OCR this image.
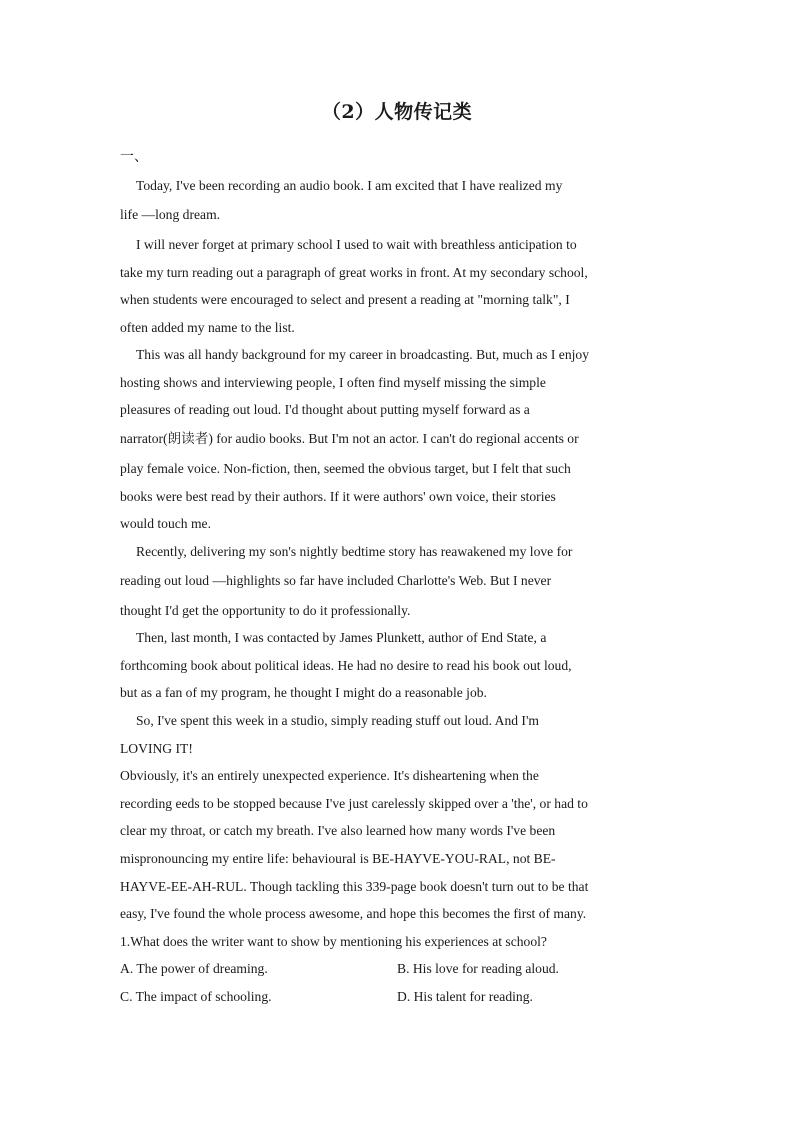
（2）人物传记类
一、
Today, I've been recording an audio book. I am excited that I have realized my
life —long dream.
I will never forget at primary school I used to wait with breathless anticipation to
take my turn reading out a paragraph of great works in front. At my secondary school,
when students were encouraged to select and present a reading at "morning talk", I
often added my name to the list.
This was all handy background for my career in broadcasting. But, much as I enjoy
hosting shows and interviewing people, I often find myself missing the simple
pleasures of reading out loud. I'd thought about putting myself forward as a
narrator(朗读者) for audio books. But I'm not an actor. I can't do regional accents or
play female voice. Non-fiction, then, seemed the obvious target, but I felt that such
books were best read by their authors. If it were authors' own voice, their stories
would touch me.
Recently, delivering my son's nightly bedtime story has reawakened my love for
reading out loud —highlights so far have included Charlotte's Web. But I never
thought I'd get the opportunity to do it professionally.
Then, last month, I was contacted by James Plunkett, author of End State, a
forthcoming book about political ideas. He had no desire to read his book out loud,
but as a fan of my program, he thought I might do a reasonable job.
So, I've spent this week in a studio, simply reading stuff out loud. And I'm
LOVING IT!
Obviously, it's an entirely unexpected experience. It's disheartening when the
recording eeds to be stopped because I've just carelessly skipped over a 'the', or had to
clear my throat, or catch my breath. I've also learned how many words I've been
mispronouncing my entire life: behavioural is BE-HAYVE-YOU-RAL, not BE-
HAYVE-EE-AH-RUL. Though tackling this 339-page book doesn't turn out to be that
easy, I've found the whole process awesome, and hope this becomes the first of many.
1.What does the writer want to show by mentioning his experiences at school?
A. The power of dreaming.	B. His love for reading aloud.
C. The impact of schooling.	D. His talent for reading.
